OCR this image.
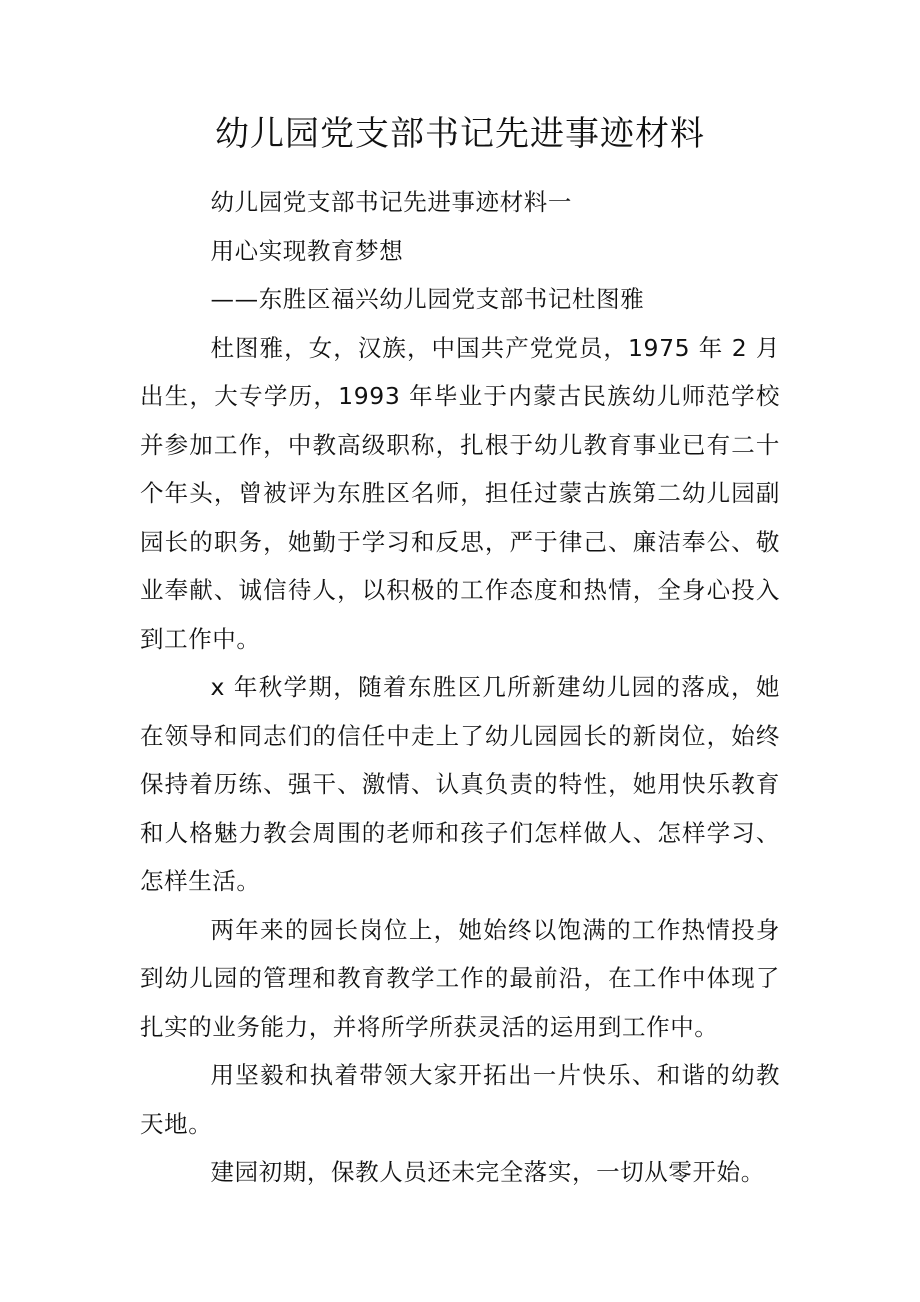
幼儿园党支部书记先进事迹材料

幼儿园党支部书记先进事迹材料一

用心实现教育梦想

——东胜区福兴幼儿园党支部书记杜图雅

杜图雅，女，汉族，中国共产党党员，1975 年 2 月出生，大专学历，1993 年毕业于内蒙古民族幼儿师范学校并参加工作，中教高级职称，扎根于幼儿教育事业已有二十个年头，曾被评为东胜区名师，担任过蒙古族第二幼儿园副园长的职务，她勤于学习和反思，严于律己、廉洁奉公、敬业奉献、诚信待人，以积极的工作态度和热情，全身心投入到工作中。

x 年秋学期，随着东胜区几所新建幼儿园的落成，她在领导和同志们的信任中走上了幼儿园园长的新岗位，始终保持着历练、强干、激情、认真负责的特性，她用快乐教育和人格魅力教会周围的老师和孩子们怎样做人、怎样学习、怎样生活。

两年来的园长岗位上，她始终以饱满的工作热情投身到幼儿园的管理和教育教学工作的最前沿，在工作中体现了扎实的业务能力，并将所学所获灵活的运用到工作中。

用坚毅和执着带领大家开拓出一片快乐、和谐的幼教天地。

建园初期，保教人员还未完全落实，一切从零开始。
